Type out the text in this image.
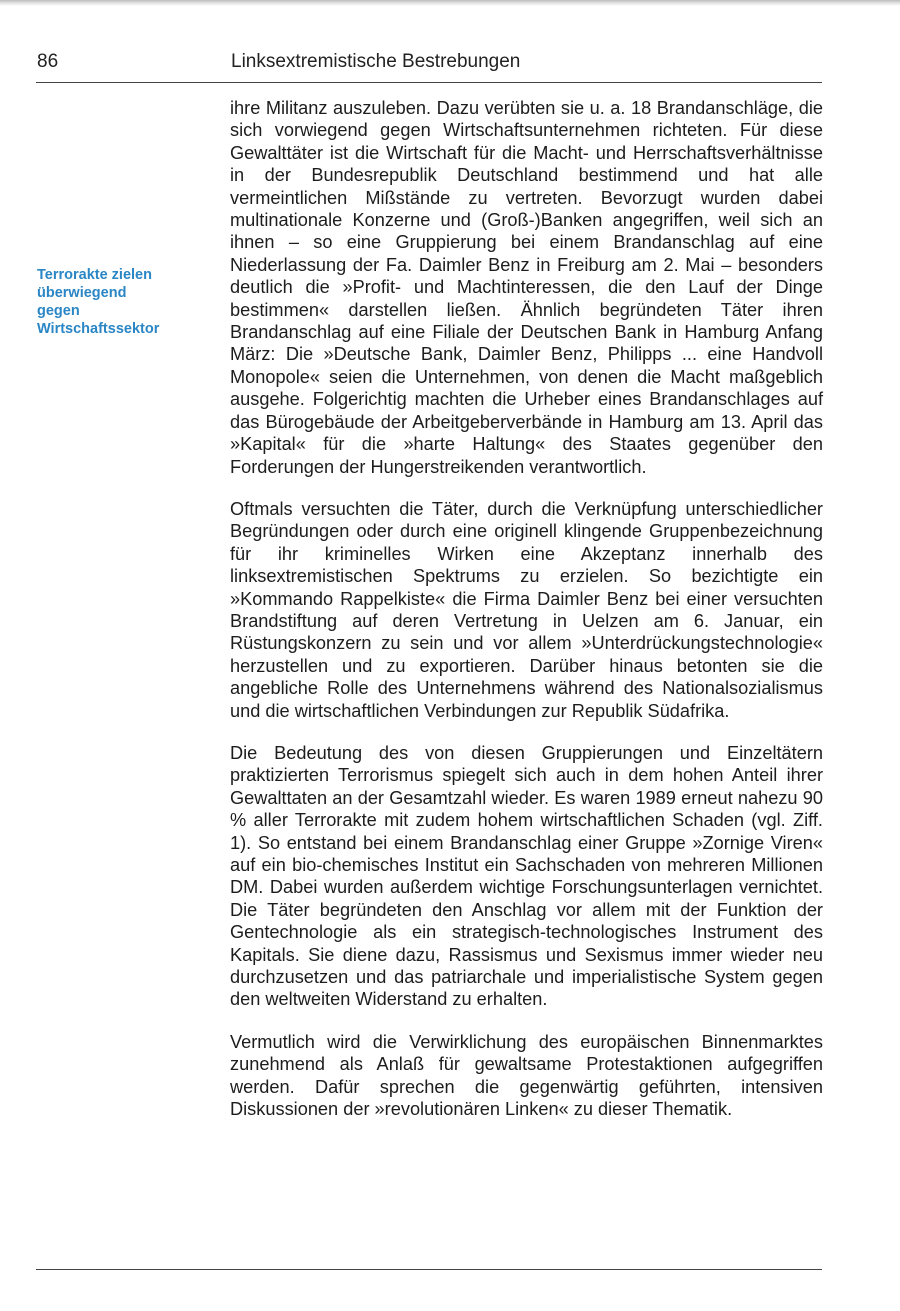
86	Linksextremistische Bestrebungen
Terrorakte zielen
überwiegend
gegen
Wirtschaftssektor

ihre Militanz auszuleben. Dazu verübten sie u. a. 18 Brandanschläge, die sich vorwiegend gegen Wirtschaftsunternehmen richteten. Für diese Gewalttäter ist die Wirtschaft für die Macht- und Herrschaftsverhältnisse in der Bundesrepublik Deutschland bestimmend und hat alle vermeintlichen Mißstände zu vertreten. Bevorzugt wurden dabei multinationale Konzerne und (Groß-)Banken angegriffen, weil sich an ihnen – so eine Gruppierung bei einem Brandanschlag auf eine Niederlassung der Fa. Daimler Benz in Freiburg am 2. Mai – besonders deutlich die »Profit- und Machtinteressen, die den Lauf der Dinge bestimmen« darstellen ließen. Ähnlich begründeten Täter ihren Brandanschlag auf eine Filiale der Deutschen Bank in Hamburg Anfang März: Die »Deutsche Bank, Daimler Benz, Philipps ... eine Handvoll Monopole« seien die Unternehmen, von denen die Macht maßgeblich ausgehe. Folgerichtig machten die Urheber eines Brandanschlages auf das Bürogebäude der Arbeitgeberverbände in Hamburg am 13. April das »Kapital« für die »harte Haltung« des Staates gegenüber den Forderungen der Hungerstreikenden verantwortlich.

Oftmals versuchten die Täter, durch die Verknüpfung unterschiedlicher Begründungen oder durch eine originell klingende Gruppenbezeichnung für ihr kriminelles Wirken eine Akzeptanz innerhalb des linksextremistischen Spektrums zu erzielen. So bezichtigte ein »Kommando Rappelkiste« die Firma Daimler Benz bei einer versuchten Brandstiftung auf deren Vertretung in Uelzen am 6. Januar, ein Rüstungskonzern zu sein und vor allem »Unterdrückungstechnologie« herzustellen und zu exportieren. Darüber hinaus betonten sie die angebliche Rolle des Unternehmens während des Nationalsozialismus und die wirtschaftlichen Verbindungen zur Republik Südafrika.

Die Bedeutung des von diesen Gruppierungen und Einzeltätern praktizierten Terrorismus spiegelt sich auch in dem hohen Anteil ihrer Gewalttaten an der Gesamtzahl wieder. Es waren 1989 erneut nahezu 90 % aller Terrorakte mit zudem hohem wirtschaftlichen Schaden (vgl. Ziff. 1). So entstand bei einem Brandanschlag einer Gruppe »Zornige Viren« auf ein bio-chemisches Institut ein Sachschaden von mehreren Millionen DM. Dabei wurden außerdem wichtige Forschungsunterlagen vernichtet. Die Täter begründeten den Anschlag vor allem mit der Funktion der Gentechnologie als ein strategisch-technologisches Instrument des Kapitals. Sie diene dazu, Rassismus und Sexismus immer wieder neu durchzusetzen und das patriarchale und imperialistische System gegen den weltweiten Widerstand zu erhalten.

Vermutlich wird die Verwirklichung des europäischen Binnenmarktes zunehmend als Anlaß für gewaltsame Protestaktionen aufgegriffen werden. Dafür sprechen die gegenwärtig geführten, intensiven Diskussionen der »revolutionären Linken« zu dieser Thematik.
